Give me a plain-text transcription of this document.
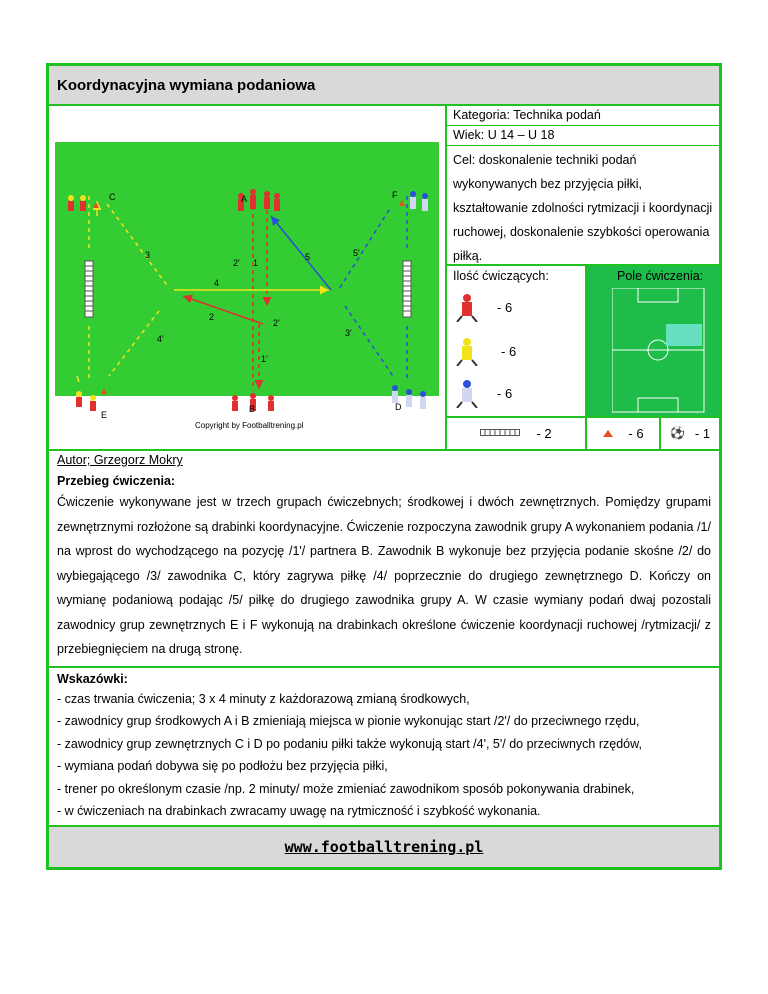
Koordynacyjna wymiana podaniowa
C	A	F
E
B	D
3
2' 1
5	5'
4
2
2'
3'
4'
1'
Copyright by Footballtrening.pl
Kategoria: Technika podań
Wiek: U 14 – U 18
Cel: doskonalenie techniki podań wykonywanych bez przyjęcia piłki, kształtowanie zdolności rytmizacji i koordynacji ruchowej, doskonalenie szybkości operowania piłką.
Ilość ćwiczących:
- 6
- 6
- 6
Pole ćwiczenia:
- 2	- 6 ⚽ - 1
Autor; Grzegorz Mokry
Przebieg ćwiczenia:
Ćwiczenie wykonywane jest w trzech grupach ćwiczebnych; środkowej i dwóch zewnętrznych. Pomiędzy grupami zewnętrznymi rozłożone są drabinki koordynacyjne. Ćwiczenie rozpoczyna zawodnik grupy A wykonaniem podania /1/ na wprost do wychodzącego na pozycję /1'/ partnera B. Zawodnik B wykonuje bez przyjęcia podanie skośne /2/ do wybiegającego /3/ zawodnika C, który zagrywa piłkę /4/ poprzecznie do drugiego zewnętrznego D. Kończy on wymianę podaniową podając /5/ piłkę do drugiego zawodnika grupy A. W czasie wymiany podań dwaj pozostali zawodnicy grup zewnętrznych E i F wykonują na drabinkach określone ćwiczenie koordynacji ruchowej /rytmizacji/ z przebiegnięciem na drugą stronę.
Wskazówki:
- czas trwania ćwiczenia; 3 x 4 minuty z każdorazową zmianą środkowych,
- zawodnicy grup środkowych A i B zmieniają miejsca w pionie wykonując start /2'/ do przeciwnego rzędu,
- zawodnicy grup zewnętrznych C i D po podaniu piłki także wykonują start /4', 5'/ do przeciwnych rzędów,
- wymiana podań dobywa się po podłożu bez przyjęcia piłki,
- trener po określonym czasie /np. 2 minuty/ może zmieniać zawodnikom sposób pokonywania drabinek,
- w ćwiczeniach na drabinkach zwracamy uwagę na rytmiczność i szybkość wykonania.
www.footballtrening.pl
